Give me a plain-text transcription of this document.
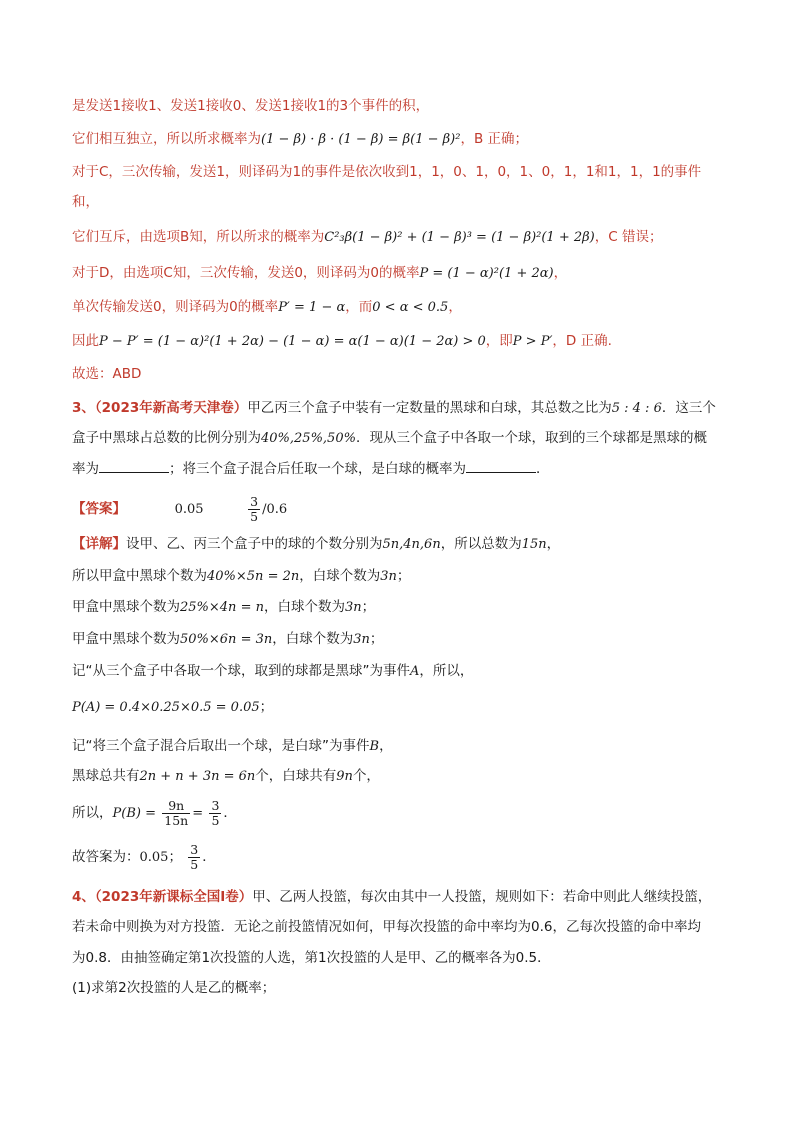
是发送1接收1、发送1接收0、发送1接收1的3个事件的积，
它们相互独立，所以所求概率为(1 − β) · β · (1 − β) = β(1 − β)²，B 正确；
对于C，三次传输，发送1，则译码为1的事件是依次收到1，1，0、1，0，1、0，1，1和1，1，1的事件
和，
它们互斥，由选项B知，所以所求的概率为C²₃β(1 − β)² + (1 − β)³ = (1 − β)²(1 + 2β)，C 错误；
对于D，由选项C知，三次传输，发送0，则译码为0的概率P = (1 − α)²(1 + 2α)，
单次传输发送0，则译码为0的概率P′ = 1 − α，而0 < α < 0.5，
因此P − P′ = (1 − α)²(1 + 2α) − (1 − α) = α(1 − α)(1 − 2α) > 0，即P > P′，D 正确.
故选：ABD
3、（2023年新高考天津卷）甲乙丙三个盒子中装有一定数量的黑球和白球，其总数之比为5 : 4 : 6．这三个
盒子中黑球占总数的比例分别为40%,25%,50%．现从三个盒子中各取一个球，取到的三个球都是黑球的概
率为	；将三个盒子混合后任取一个球，是白球的概率为	．
【答案】	0.05	$\frac{3}{5} /0.6$
【详解】设甲、乙、丙三个盒子中的球的个数分别为5n,4n,6n，所以总数为15n，
所以甲盒中黑球个数为40%×5n = 2n，白球个数为3n；
甲盒中黑球个数为25%×4n = n，白球个数为3n；
甲盒中黑球个数为50%×6n = 3n，白球个数为3n；
记“从三个盒子中各取一个球，取到的球都是黑球”为事件A，所以，
P(A) = 0.4×0.25×0.5 = 0.05；
记“将三个盒子混合后取出一个球，是白球”为事件B，
黑球总共有2n + n + 3n = 6n个，白球共有9n个，
所以，$P(B) = \frac{9n}{15n} = \frac{3}{5}$ ．
故答案为：0.05； $\frac{3}{5}$ ．
4、（2023年新课标全国Ⅰ卷）甲、乙两人投篮，每次由其中一人投篮，规则如下：若命中则此人继续投篮，
若未命中则换为对方投篮．无论之前投篮情况如何，甲每次投篮的命中率均为0.6，乙每次投篮的命中率均
为0.8．由抽签确定第1次投篮的人选，第1次投篮的人是甲、乙的概率各为0.5．
(1)求第2次投篮的人是乙的概率；
